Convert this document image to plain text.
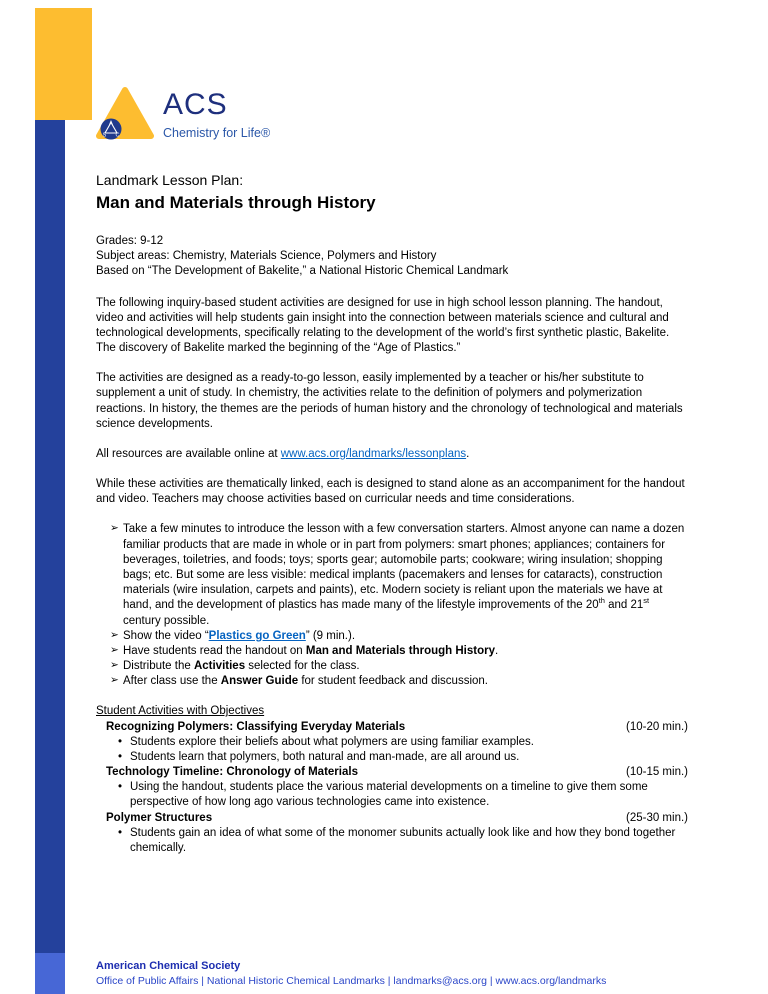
A
C
S
ACS
Chemistry for Life®

Landmark Lesson Plan:

Man and Materials through History

Grades: 9-12
Subject areas: Chemistry, Materials Science, Polymers and History
Based on “The Development of Bakelite,” a National Historic Chemical Landmark

The following inquiry-based student activities are designed for use in high school lesson planning. The handout, video and activities will help students gain insight into the connection between materials science and cultural and technological developments, specifically relating to the development of the world’s first synthetic plastic, Bakelite. The discovery of Bakelite marked the beginning of the “Age of Plastics.”

The activities are designed as a ready-to-go lesson, easily implemented by a teacher or his/her substitute to supplement a unit of study. In chemistry, the activities relate to the definition of polymers and polymerization reactions. In history, the themes are the periods of human history and the chronology of technological and materials science developments.

All resources are available online at www.acs.org/landmarks/lessonplans.

While these activities are thematically linked, each is designed to stand alone as an accompaniment for the handout and video. Teachers may choose activities based on curricular needs and time considerations.

➢ Take a few minutes to introduce the lesson with a few conversation starters. Almost anyone can name a dozen familiar products that are made in whole or in part from polymers: smart phones; appliances; containers for beverages, toiletries, and foods; toys; sports gear; automobile parts; cookware; wiring insulation; shopping bags; etc. But some are less visible: medical implants (pacemakers and lenses for cataracts), construction materials (wire insulation, carpets and paints), etc. Modern society is reliant upon the materials we have at hand, and the development of plastics has made many of the lifestyle improvements of the 20th and 21st century possible.
➢ Show the video “Plastics go Green” (9 min.).
➢ Have students read the handout on Man and Materials through History.
➢ Distribute the Activities selected for the class.
➢ After class use the Answer Guide for student feedback and discussion.

Student Activities with Objectives

Recognizing Polymers: Classifying Everyday Materials	(10-20 min.)
• Students explore their beliefs about what polymers are using familiar examples.
• Students learn that polymers, both natural and man-made, are all around us.
Technology Timeline: Chronology of Materials	(10-15 min.)
• Using the handout, students place the various material developments on a timeline to give them some perspective of how long ago various technologies came into existence.
Polymer Structures	(25-30 min.)
• Students gain an idea of what some of the monomer subunits actually look like and how they bond together chemically.

American Chemical Society

Office of Public Affairs | National Historic Chemical Landmarks | landmarks@acs.org | www.acs.org/landmarks
